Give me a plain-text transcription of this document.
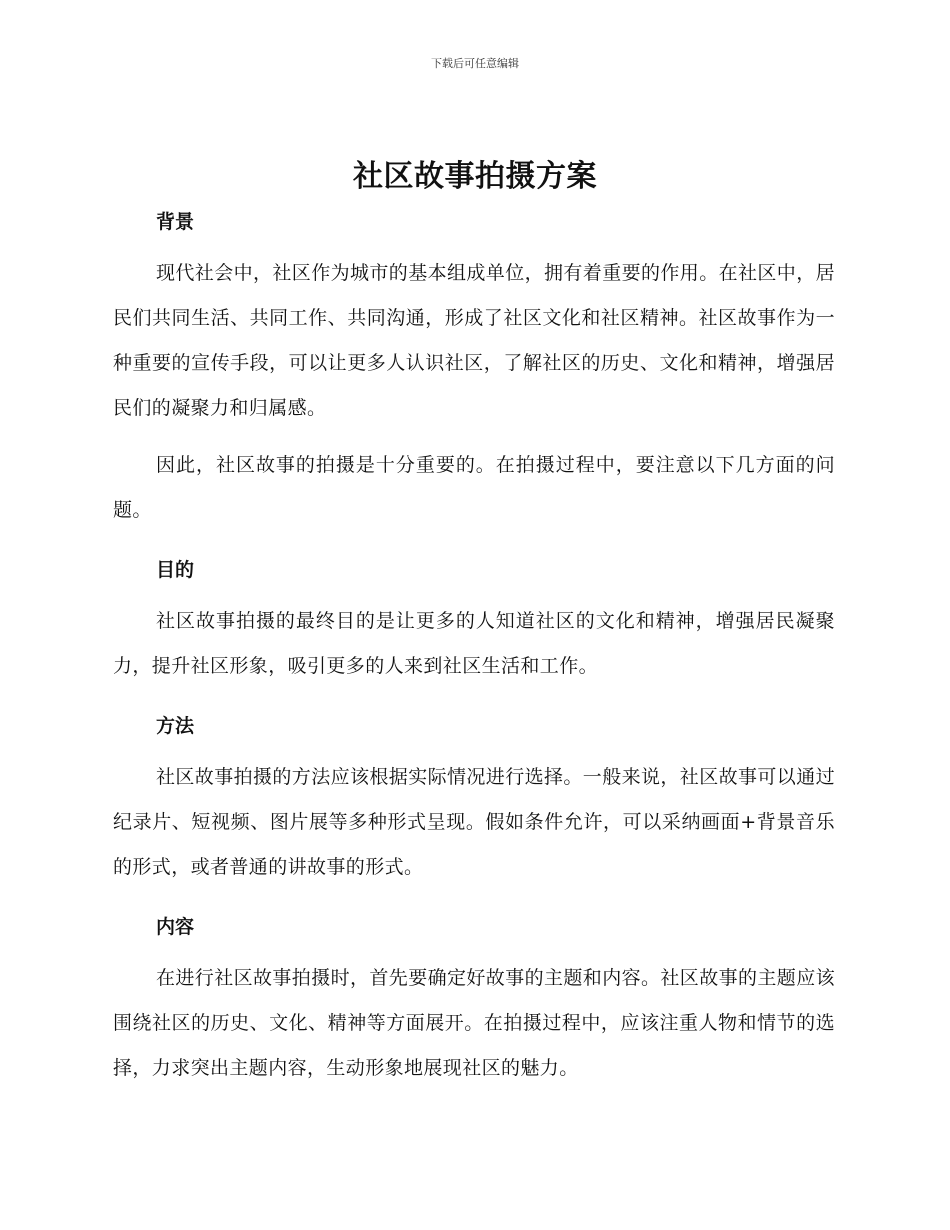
下载后可任意编辑
社区故事拍摄方案
背景

现代社会中，社区作为城市的基本组成单位，拥有着重要的作用。在社区中，居民们共同生活、共同工作、共同沟通，形成了社区文化和社区精神。社区故事作为一种重要的宣传手段，可以让更多人认识社区，了解社区的历史、文化和精神，增强居民们的凝聚力和归属感。

因此，社区故事的拍摄是十分重要的。在拍摄过程中，要注意以下几方面的问题。

目的

社区故事拍摄的最终目的是让更多的人知道社区的文化和精神，增强居民凝聚力，提升社区形象，吸引更多的人来到社区生活和工作。

方法

社区故事拍摄的方法应该根据实际情况进行选择。一般来说，社区故事可以通过纪录片、短视频、图片展等多种形式呈现。假如条件允许，可以采纳画面+背景音乐的形式，或者普通的讲故事的形式。

内容

在进行社区故事拍摄时，首先要确定好故事的主题和内容。社区故事的主题应该围绕社区的历史、文化、精神等方面展开。在拍摄过程中，应该注重人物和情节的选择，力求突出主题内容，生动形象地展现社区的魅力。
